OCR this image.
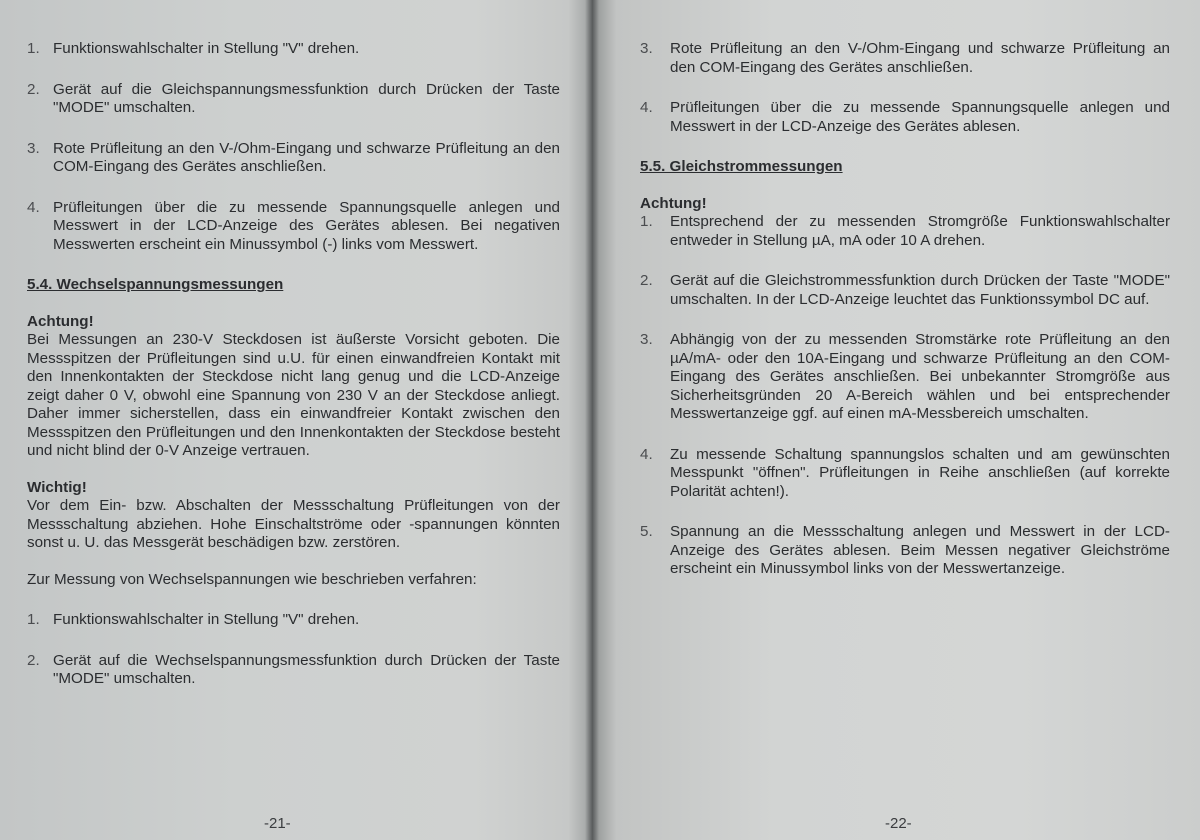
1. Funktionswahlschalter in Stellung "V" drehen.
2. Gerät auf die Gleichspannungsmessfunktion durch Drücken der Taste "MODE" umschalten.
3. Rote Prüfleitung an den V-/Ohm-Eingang und schwarze Prüfleitung an den COM-Eingang des Gerätes anschließen.
4. Prüfleitungen über die zu messende Spannungsquelle anlegen und Messwert in der LCD-Anzeige des Gerätes ablesen. Bei negativen Messwerten erscheint ein Minussymbol (-) links vom Messwert.
5.4. Wechselspannungsmessungen
Achtung!
Bei Messungen an 230-V Steckdosen ist äußerste Vorsicht geboten. Die Messspitzen der Prüfleitungen sind u.U. für einen einwandfreien Kontakt mit den Innenkontakten der Steckdose nicht lang genug und die LCD-Anzeige zeigt daher 0 V, obwohl eine Spannung von 230 V an der Steckdose anliegt. Daher immer sicherstellen, dass ein einwandfreier Kontakt zwischen den Messspitzen den Prüfleitungen und den Innenkontakten der Steckdose besteht und nicht blind der 0-V Anzeige vertrauen.
Wichtig!
Vor dem Ein- bzw. Abschalten der Messschaltung Prüfleitungen von der Messschaltung abziehen. Hohe Einschaltströme oder -spannungen könnten sonst u. U. das Messgerät beschädigen bzw. zerstören.
Zur Messung von Wechselspannungen wie beschrieben verfahren:
1. Funktionswahlschalter in Stellung "V" drehen.
2. Gerät auf die Wechselspannungsmessfunktion durch Drücken der Taste "MODE" umschalten.
-21-
3.	Rote Prüfleitung an den V-/Ohm-Eingang und schwarze Prüfleitung an den COM-Eingang des Gerätes anschließen.
4.	Prüfleitungen über die zu messende Spannungsquelle anlegen und Messwert in der LCD-Anzeige des Gerätes ablesen.
5.5. Gleichstrommessungen
Achtung!
1.	Entsprechend der zu messenden Stromgröße Funktionswahlschalter entweder in Stellung µA, mA oder 10 A drehen.
2.	Gerät auf die Gleichstrommessfunktion durch Drücken der Taste "MODE" umschalten. In der LCD-Anzeige leuchtet das Funktionssymbol DC auf.
3.	Abhängig von der zu messenden Stromstärke rote Prüfleitung an den µA/mA- oder den 10A-Eingang und schwarze Prüfleitung an den COM-Eingang des Gerätes anschließen. Bei unbekannter Stromgröße aus Sicherheitsgründen 20 A-Bereich wählen und bei entsprechender Messwertanzeige ggf. auf einen mA-Messbereich umschalten.
4.	Zu messende Schaltung spannungslos schalten und am gewünschten Messpunkt "öffnen". Prüfleitungen in Reihe anschließen (auf korrekte Polarität achten!).
5.	Spannung an die Messschaltung anlegen und Messwert in der LCD-Anzeige des Gerätes ablesen. Beim Messen negativer Gleichströme erscheint ein Minussymbol links von der Messwertanzeige.
-22-
